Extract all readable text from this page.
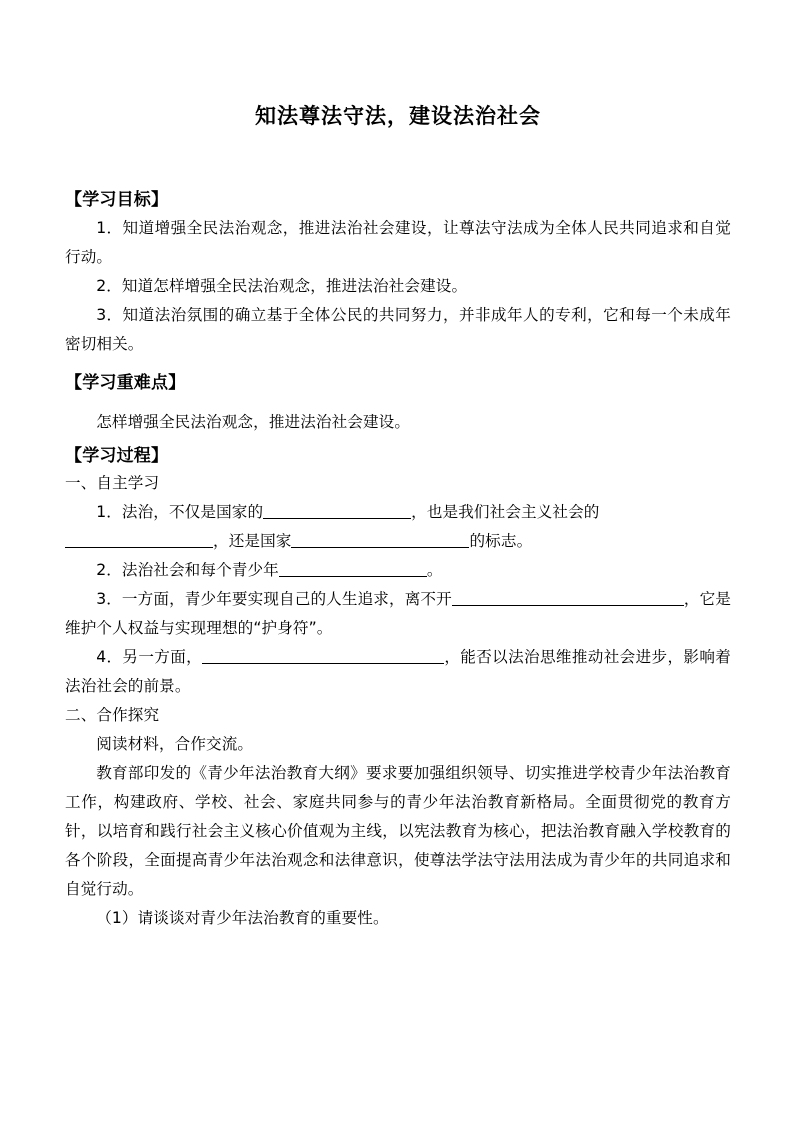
知法尊法守法，建设法治社会
【学习目标】

1．知道增强全民法治观念，推进法治社会建设，让尊法守法成为全体人民共同追求和自觉行动。

2．知道怎样增强全民法治观念，推进法治社会建设。

3．知道法治氛围的确立基于全体公民的共同努力，并非成年人的专利，它和每一个未成年密切相关。

【学习重难点】

怎样增强全民法治观念，推进法治社会建设。

【学习过程】

一、自主学习

1．法治，不仅是国家的	，也是我们社会主义社会的

，还是国家	的标志。

2．法治社会和每个青少年	。

3．一方面，青少年要实现自己的人生追求，离不开	，它是维护个人权益与实现理想的“护身符”。

4．另一方面，	，能否以法治思维推动社会进步，影响着法治社会的前景。

二、合作探究

阅读材料，合作交流。

教育部印发的《青少年法治教育大纲》要求要加强组织领导、切实推进学校青少年法治教育工作，构建政府、学校、社会、家庭共同参与的青少年法治教育新格局。全面贯彻党的教育方针，以培育和践行社会主义核心价值观为主线，以宪法教育为核心，把法治教育融入学校教育的各个阶段，全面提高青少年法治观念和法律意识，使尊法学法守法用法成为青少年的共同追求和自觉行动。

（1）请谈谈对青少年法治教育的重要性。
